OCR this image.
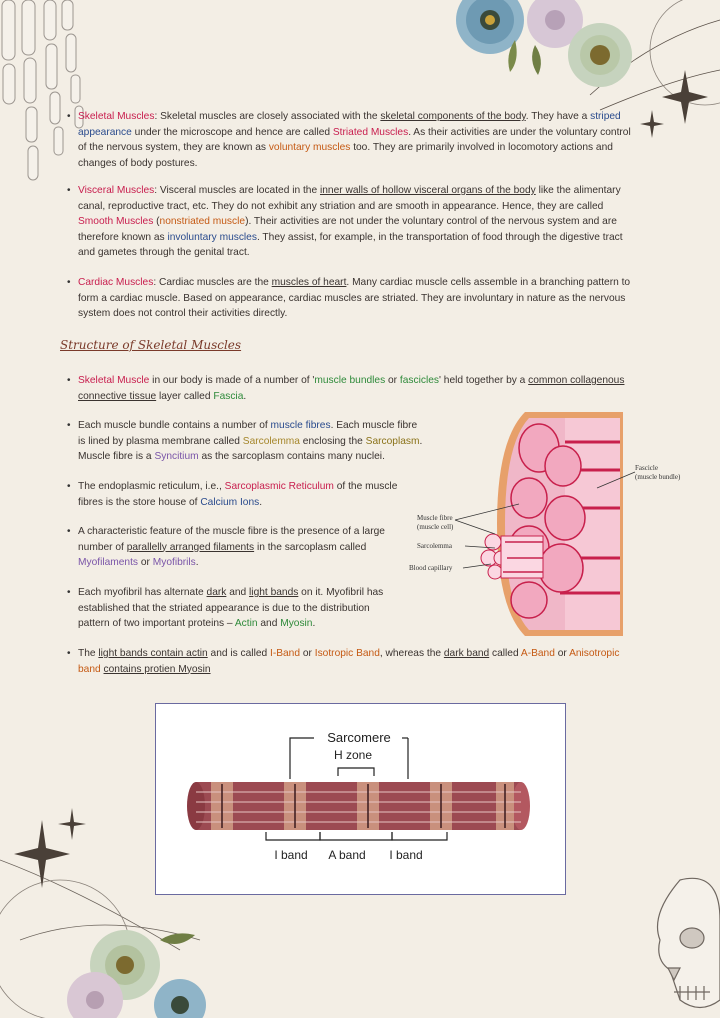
• Skeletal Muscles: Skeletal muscles are closely associated with the skeletal components of the body. They have a striped appearance under the microscope and hence are called Striated Muscles. As their activities are under the voluntary control of the nervous system, they are known as voluntary muscles too. They are primarily involved in locomotory actions and changes of body postures.
• Visceral Muscles: Visceral muscles are located in the inner walls of hollow visceral organs of the body like the alimentary canal, reproductive tract, etc. They do not exhibit any striation and are smooth in appearance. Hence, they are called Smooth Muscles (nonstriated muscle). Their activities are not under the voluntary control of the nervous system and are therefore known as involuntary muscles. They assist, for example, in the transportation of food through the digestive tract and gametes through the genital tract.
• Cardiac Muscles: Cardiac muscles are the muscles of heart. Many cardiac muscle cells assemble in a branching pattern to form a cardiac muscle. Based on appearance, cardiac muscles are striated. They are involuntary in nature as the nervous system does not control their activities directly.
Structure of Skeletal Muscles
• Skeletal Muscle in our body is made of a number of 'muscle bundles or fascicles' held together by a common collagenous connective tissue layer called Fascia.
• Each muscle bundle contains a number of muscle fibres. Each muscle fibre is lined by plasma membrane called Sarcolemma enclosing the Sarcoplasm. Muscle fibre is a Syncitium as the sarcoplasm contains many nuclei.
• The endoplasmic reticulum, i.e., Sarcoplasmic Reticulum of the muscle fibres is the store house of Calcium Ions.
• A characteristic feature of the muscle fibre is the presence of a large number of parallelly arranged filaments in the sarcoplasm called Myofilaments or Myofibrils.
• Each myofibril has alternate dark and light bands on it. Myofibril has established that the striated appearance is due to the distribution pattern of two important proteins – Actin and Myosin.
• The light bands contain actin and is called I-Band or Isotropic Band, whereas the dark band called A-Band or Anisotropic band contains protien Myosin
Fascicle
(muscle bundle)
Muscle fibre
(muscle cell)
Sarcolemma
Blood capillary
Sarcomere
H zone
I band A band I band
